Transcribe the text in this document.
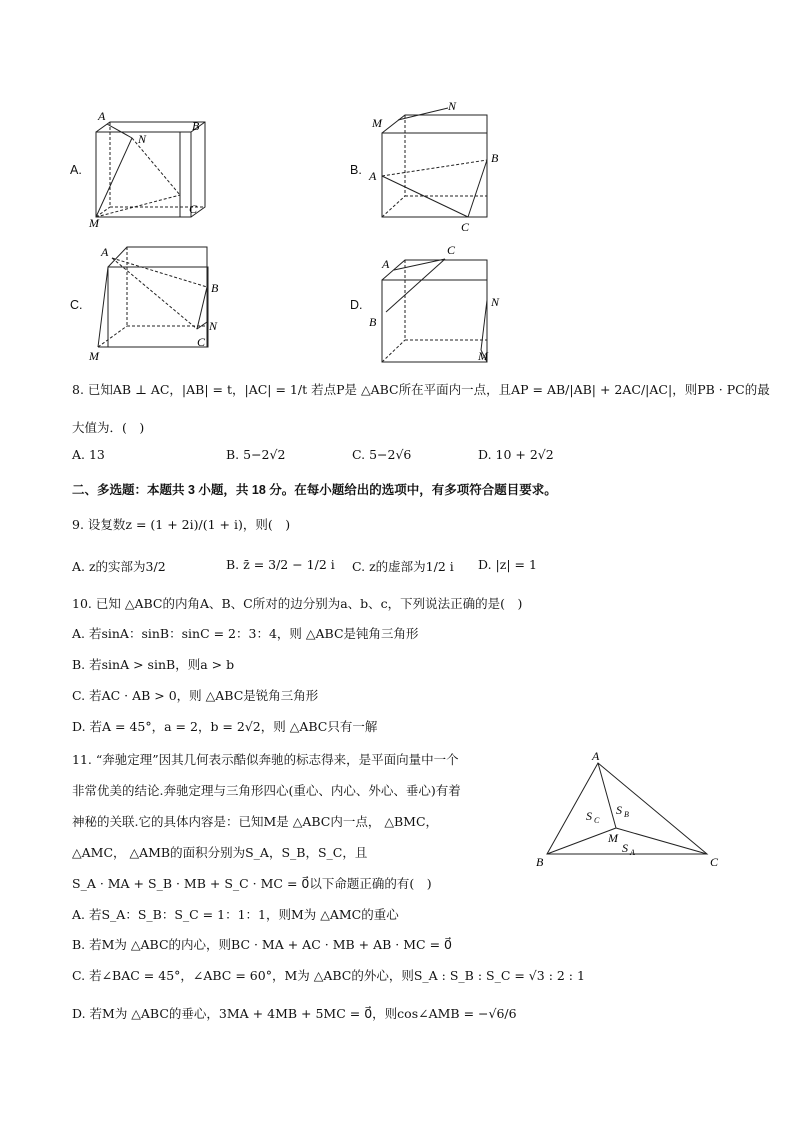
A.
A
B
N
C
M
B.
M
N
A
B
C
C.
A
B
N
C
M
D.
A
C
B
N
M
8. 已知AB ⊥ AC，|AB| = t，|AC| = 1/t 若点P是 △ABC所在平面内一点，且AP = AB/|AB| + 2AC/|AC|，则PB · PC的最
大值为．(　)
A. 13	B. 5−2√2	C. 5−2√6	D. 10 + 2√2
二、多选题：本题共 3 小题，共 18 分。在每小题给出的选项中，有多项符合题目要求。
9. 设复数z = (1 + 2i)/(1 + i)，则(　)
A. z的实部为3/2	B. z̄ = 3/2 − 1/2 i C. z的虚部为1/2 i D. |z| = 1
10. 已知 △ABC的内角A、B、C所对的边分别为a、b、c，下列说法正确的是(　)
A. 若sinA：sinB：sinC = 2：3：4，则 △ABC是钝角三角形
B. 若sinA > sinB，则a > b
C. 若AC · AB > 0，则 △ABC是锐角三角形
D. 若A = 45°，a = 2，b = 2√2，则 △ABC只有一解
11. “奔驰定理”因其几何表示酷似奔驰的标志得来，是平面向量中一个
非常优美的结论.奔驰定理与三角形四心(重心、内心、外心、垂心)有着
神秘的关联.它的具体内容是：已知M是 △ABC内一点， △BMC，
△AMC， △AMB的面积分别为S_A，S_B，S_C，且
S_A · MA + S_B · MB + S_C · MC = 0⃗以下命题正确的有(　)
A. 若S_A：S_B：S_C = 1：1：1，则M为 △AMC的重心
B. 若M为 △ABC的内心，则BC · MA + AC · MB + AB · MC = 0⃗
C. 若∠BAC = 45°，∠ABC = 60°，M为 △ABC的外心，则S_A : S_B : S_C = √3 : 2 : 1
D. 若M为 △ABC的垂心，3MA + 4MB + 5MC = 0⃗，则cos∠AMB = −√6/6
A
B	C
M
S C
S B
S A
